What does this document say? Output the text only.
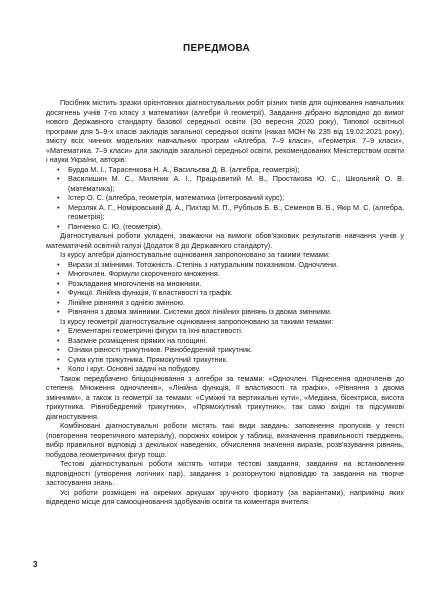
ПЕРЕДМОВА

Посібник містить зразки орієнтовних діагностувальних робіт різних типів для оцінювання навчальних досягнень учнів 7-го класу з математики (алгебри й геометрії). Завдання дібрано відповідно до вимог нового Державного стандарту базової середньої освіти (30 вересня 2020 року), Типової освітньої програми для 5–9-х класів закладів загальної середньої освіти (наказ МОН № 235 від 19.02.2021 року), змісту всіх чинних модельних навчальних програм «Алгебра. 7–9 класи», «Геометрія. 7–9 класи», «Математика. 7–9 класи» для закладів загальної середньої освіти, рекомендованих Міністерством освіти і науки України, авторів:

• Бурда М. І., Тарасенкова Н. А., Васильєва Д. В. (алгебра, геометрія);
• Василишин М. С., Миляник А. І., Працьовитий М. В., Простакова Ю. С., Школьний О. В. (математика);
• Істер О. С. (алгебра, геометрія, математика (інтегрований курс);
• Мерзляк А. Г., Номіровський Д. А., Пихтар М. П., Рубльов Б. В., Семенов В. В., Якір М. С. (алгебра, геометрія);
• Панченко С. Ю. (геометрія).

Діагностувальні роботи укладені, зважаючи на вимоги обов'язкових результатів навчання учнів у математичній освітній галузі (Додаток 8 до Державного стандарту).

Із курсу алгебри діагностувальне оцінювання запропоновано за такими темами:

• Вирази зі змінними. Тотожність. Степінь з натуральним показником. Одночлени.
• Многочлен. Формули скороченого множення.
• Розкладання многочленів на множники.
• Функції. Лінійна функція, її властивості та графік.
• Лінійне рівняння з однією змінною.
• Рівняння з двома змінними. Системи двох лінійних рівнянь із двома змінними.

Із курсу геометрії діагностувальне оцінювання запропоновано за такими темами:

• Елементарні геометричні фігури та їхні властивості.
• Взаємне розміщення прямих на площині.
• Ознаки рівності трикутників. Рівнобедрений трикутник.
• Сума кутів трикутника. Прямокутний трикутник.
• Коло і круг. Основні задачі на побудову.

Також передбачено бліцоцінювання з алгебри за темами: «Одночлен. Піднесення одночленів до степеня. Множення одночленів», «Лінійна функція, її властивості та графік», «Рівняння з двома змінними», а також із геометрії за темами: «Суміжні та вертикальні кути», «Медіана, бісектриса, висота трикутника. Рівнобедрений трикутник», «Прямокутний трикутник», так само вхідні та підсумкові діагностування.

Комбіновані діагностувальні роботи містять такі види завдань: заповнення пропусків у тексті (повторення теоретичного матеріалу), порожніх комірок у таблиці, визначення правильності тверджень, вибір правильної відповіді з декількох наведених, обчислення значення виразів, розв'язування рівнянь, побудова геометричних фігур тощо.

Тестові діагностувальні роботи містять чотири тестові завдання, завдання на встановлення відповідності (утворення логічних пар), завдання з розгорнутою відповіддю та завдання на творче застосування знань.

Усі роботи розміщені на окремих аркушах зручного формату (за варіантами), наприкінці яких відведено місце для самооцінювання здобувачів освіти та коментаря вчителя.

3
